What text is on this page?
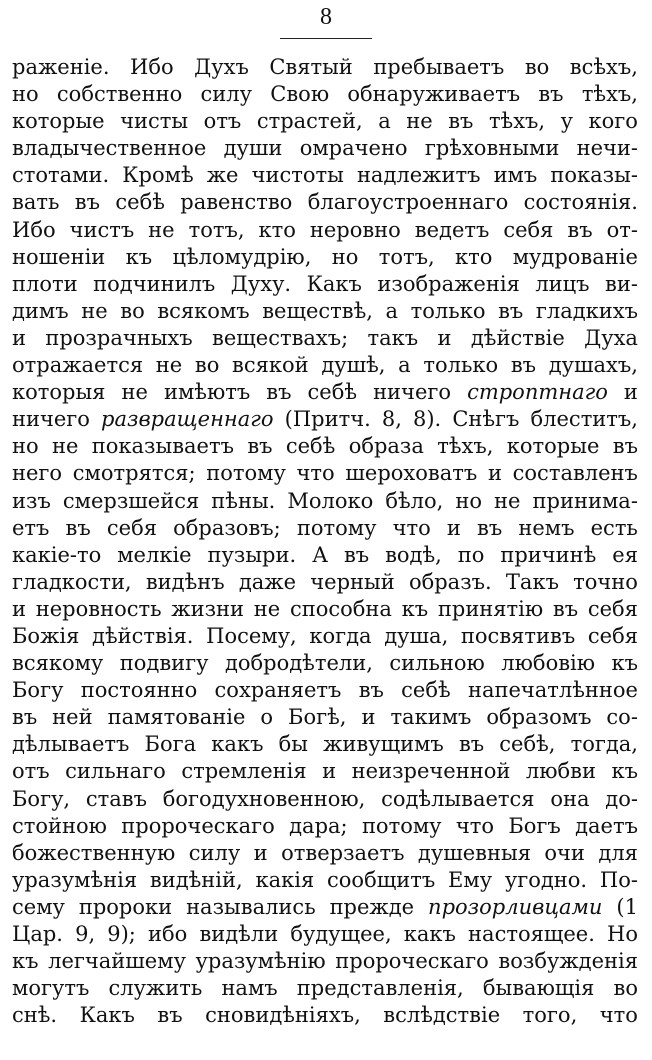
8
раженіе. Ибо Духъ Святый пребываетъ во всѣхъ,
но собственно силу Свою обнаруживаетъ въ тѣхъ,
которые чисты отъ страстей, а не въ тѣхъ, у кого
владычественное души омрачено грѣховными нечи-
стотами. Кромѣ же чистоты надлежитъ имъ показы-
вать въ себѣ равенство благоустроеннаго состоянія.
Ибо чистъ не тотъ, кто неровно ведетъ себя въ от-
ношеніи къ цѣломудрію, но тотъ, кто мудрованіе
плоти подчинилъ Духу. Какъ изображенія лицъ ви-
димъ не во всякомъ веществѣ, а только въ гладкихъ
и прозрачныхъ веществахъ; такъ и дѣйствіе Духа
отражается не во всякой душѣ, а только въ душахъ,
которыя не имѣютъ въ себѣ ничего строптнаго и
ничего развращеннаго (Притч. 8, 8). Снѣгъ блеститъ,
но не показываетъ въ себѣ образа тѣхъ, которые въ
него смотрятся; потому что шероховатъ и составленъ
изъ смерзшейся пѣны. Молоко бѣло, но не принима-
етъ въ себя образовъ; потому что и въ немъ есть
какіе-то мелкіе пузыри. А въ водѣ, по причинѣ ея
гладкости, видѣнъ даже черный образъ. Такъ точно
и неровность жизни не способна къ принятію въ себя
Божія дѣйствія. Посему, когда душа, посвятивъ себя
всякому подвигу добродѣтели, сильною любовію къ
Богу постоянно сохраняетъ въ себѣ напечатлѣнное
въ ней памятованіе о Богѣ, и такимъ образомъ со-
дѣлываетъ Бога какъ бы живущимъ въ себѣ, тогда,
отъ сильнаго стремленія и неизреченной любви къ
Богу, ставъ богодухновенною, содѣлывается она до-
стойною пророческаго дара; потому что Богъ даетъ
божественную силу и отверзаетъ душевныя очи для
уразумѣнія видѣній, какія сообщитъ Ему угодно. По-
сему пророки назывались прежде прозорливцами (1
Цар. 9, 9); ибо видѣли будущее, какъ настоящее. Но
къ легчайшему уразумѣнію пророческаго возбужденія
могутъ служить намъ представленія, бывающія во
снѣ. Какъ въ сновидѣніяхъ, вслѣдствіе того, что
